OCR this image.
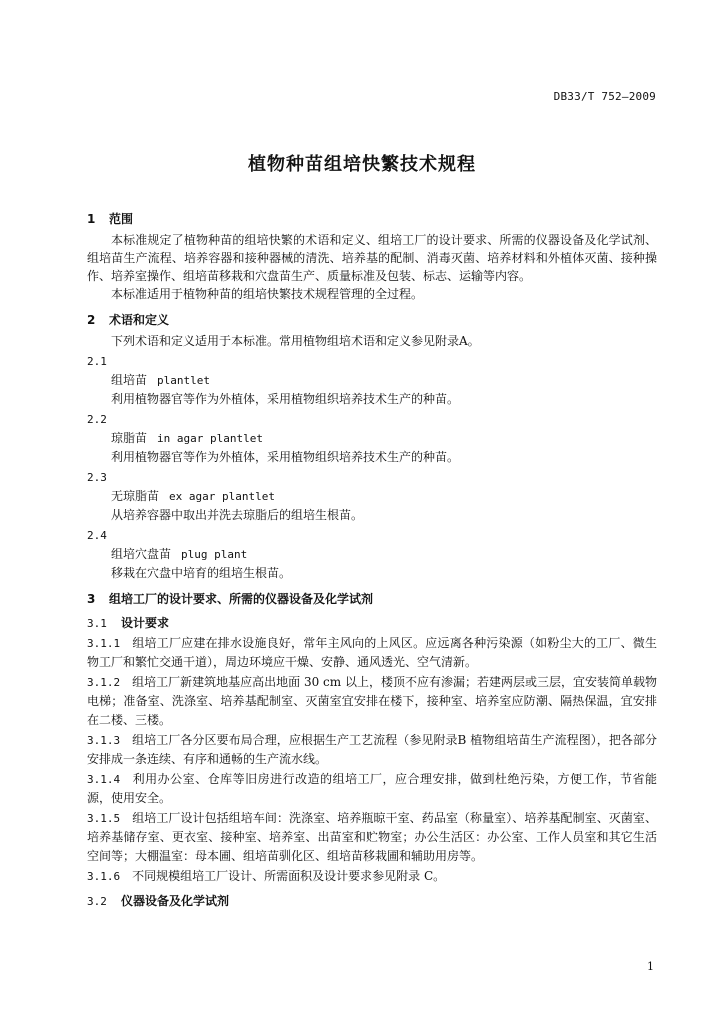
DB33/T 752—2009
植物种苗组培快繁技术规程
1 范围
本标准规定了植物种苗的组培快繁的术语和定义、组培工厂的设计要求、所需的仪器设备及化学试剂、组培苗生产流程、培养容器和接种器械的清洗、培养基的配制、消毒灭菌、培养材料和外植体灭菌、接种操作、培养室操作、组培苗移栽和穴盘苗生产、质量标准及包装、标志、运输等内容。
本标准适用于植物种苗的组培快繁技术规程管理的全过程。
2 术语和定义
下列术语和定义适用于本标准。常用植物组培术语和定义参见附录A。
2.1
组培苗 plantlet
利用植物器官等作为外植体，采用植物组织培养技术生产的种苗。
2.2
琼脂苗 in agar plantlet
利用植物器官等作为外植体，采用植物组织培养技术生产的种苗。
2.3
无琼脂苗 ex agar plantlet
从培养容器中取出并洗去琼脂后的组培生根苗。
2.4
组培穴盘苗 plug plant
移栽在穴盘中培育的组培生根苗。
3 组培工厂的设计要求、所需的仪器设备及化学试剂
3.1 设计要求
3.1.1 组培工厂应建在排水设施良好，常年主风向的上风区。应远离各种污染源（如粉尘大的工厂、微生物工厂和繁忙交通干道），周边环境应干燥、安静、通风透光、空气清新。
3.1.2 组培工厂新建筑地基应高出地面 30 cm 以上，楼顶不应有渗漏；若建两层或三层，宜安装简单载物电梯；准备室、洗涤室、培养基配制室、灭菌室宜安排在楼下，接种室、培养室应防潮、隔热保温，宜安排在二楼、三楼。
3.1.3 组培工厂各分区要布局合理，应根据生产工艺流程（参见附录B 植物组培苗生产流程图），把各部分安排成一条连续、有序和通畅的生产流水线。
3.1.4 利用办公室、仓库等旧房进行改造的组培工厂，应合理安排，做到杜绝污染，方便工作，节省能源，使用安全。
3.1.5 组培工厂设计包括组培车间：洗涤室、培养瓶晾干室、药品室（称量室）、培养基配制室、灭菌室、培养基储存室、更衣室、接种室、培养室、出苗室和贮物室；办公生活区：办公室、工作人员室和其它生活空间等；大棚温室：母本圃、组培苗驯化区、组培苗移栽圃和辅助用房等。
3.1.6 不同规模组培工厂设计、所需面积及设计要求参见附录 C。
3.2 仪器设备及化学试剂
1
